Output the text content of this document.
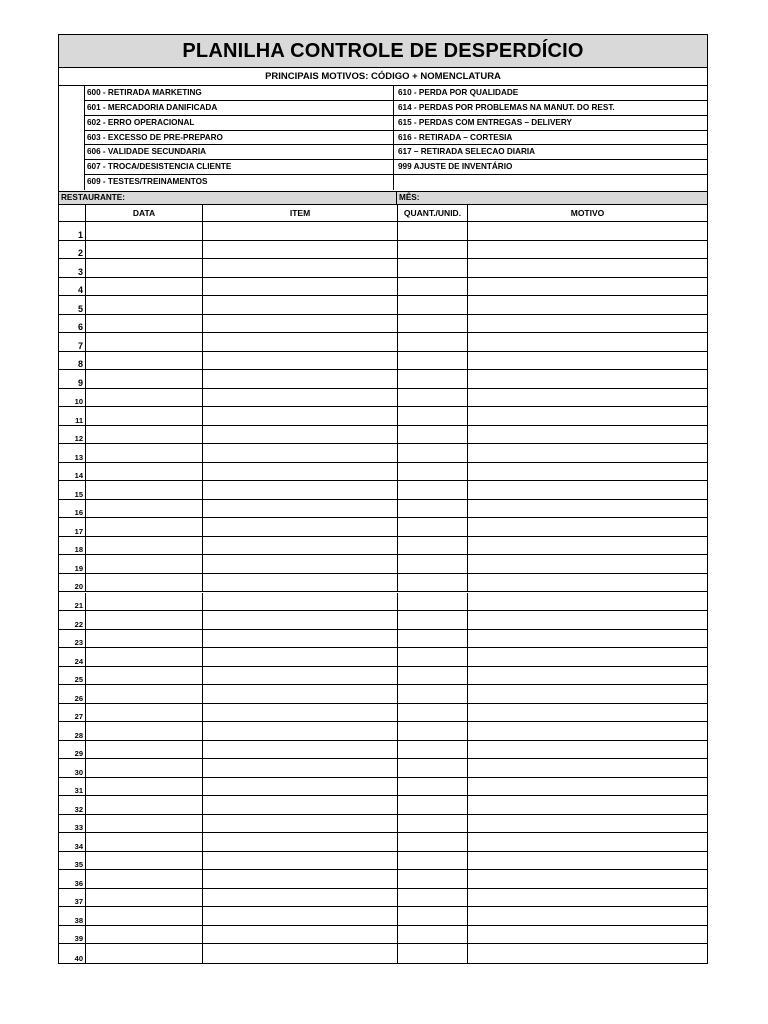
PLANILHA CONTROLE DE DESPERDÍCIO
PRINCIPAIS MOTIVOS: CÓDIGO + NOMENCLATURA
600 - RETIRADA MARKETING	610 - PERDA POR QUALIDADE
601 - MERCADORIA DANIFICADA	614 - PERDAS POR PROBLEMAS NA MANUT. DO REST.
602 - ERRO OPERACIONAL	615 - PERDAS COM ENTREGAS – DELIVERY
603 - EXCESSO DE PRE-PREPARO	616 - RETIRADA – CORTESIA
606 - VALIDADE SECUNDARIA	617 – RETIRADA SELECAO DIARIA
607 - TROCA/DESISTENCIA CLIENTE	999 AJUSTE DE INVENTÁRIO
609 - TESTES/TREINAMENTOS
RESTAURANTE:	MÊS:
DATA	ITEM	QUANT./UNID.	MOTIVO
1
2
3
4
5
6
7
8
9
10
11
12
13
14
15
16
17
18
19
20
21
22
23
24
25
26
27
28
29
30
31
32
33
34
35
36
37
38
39
40
